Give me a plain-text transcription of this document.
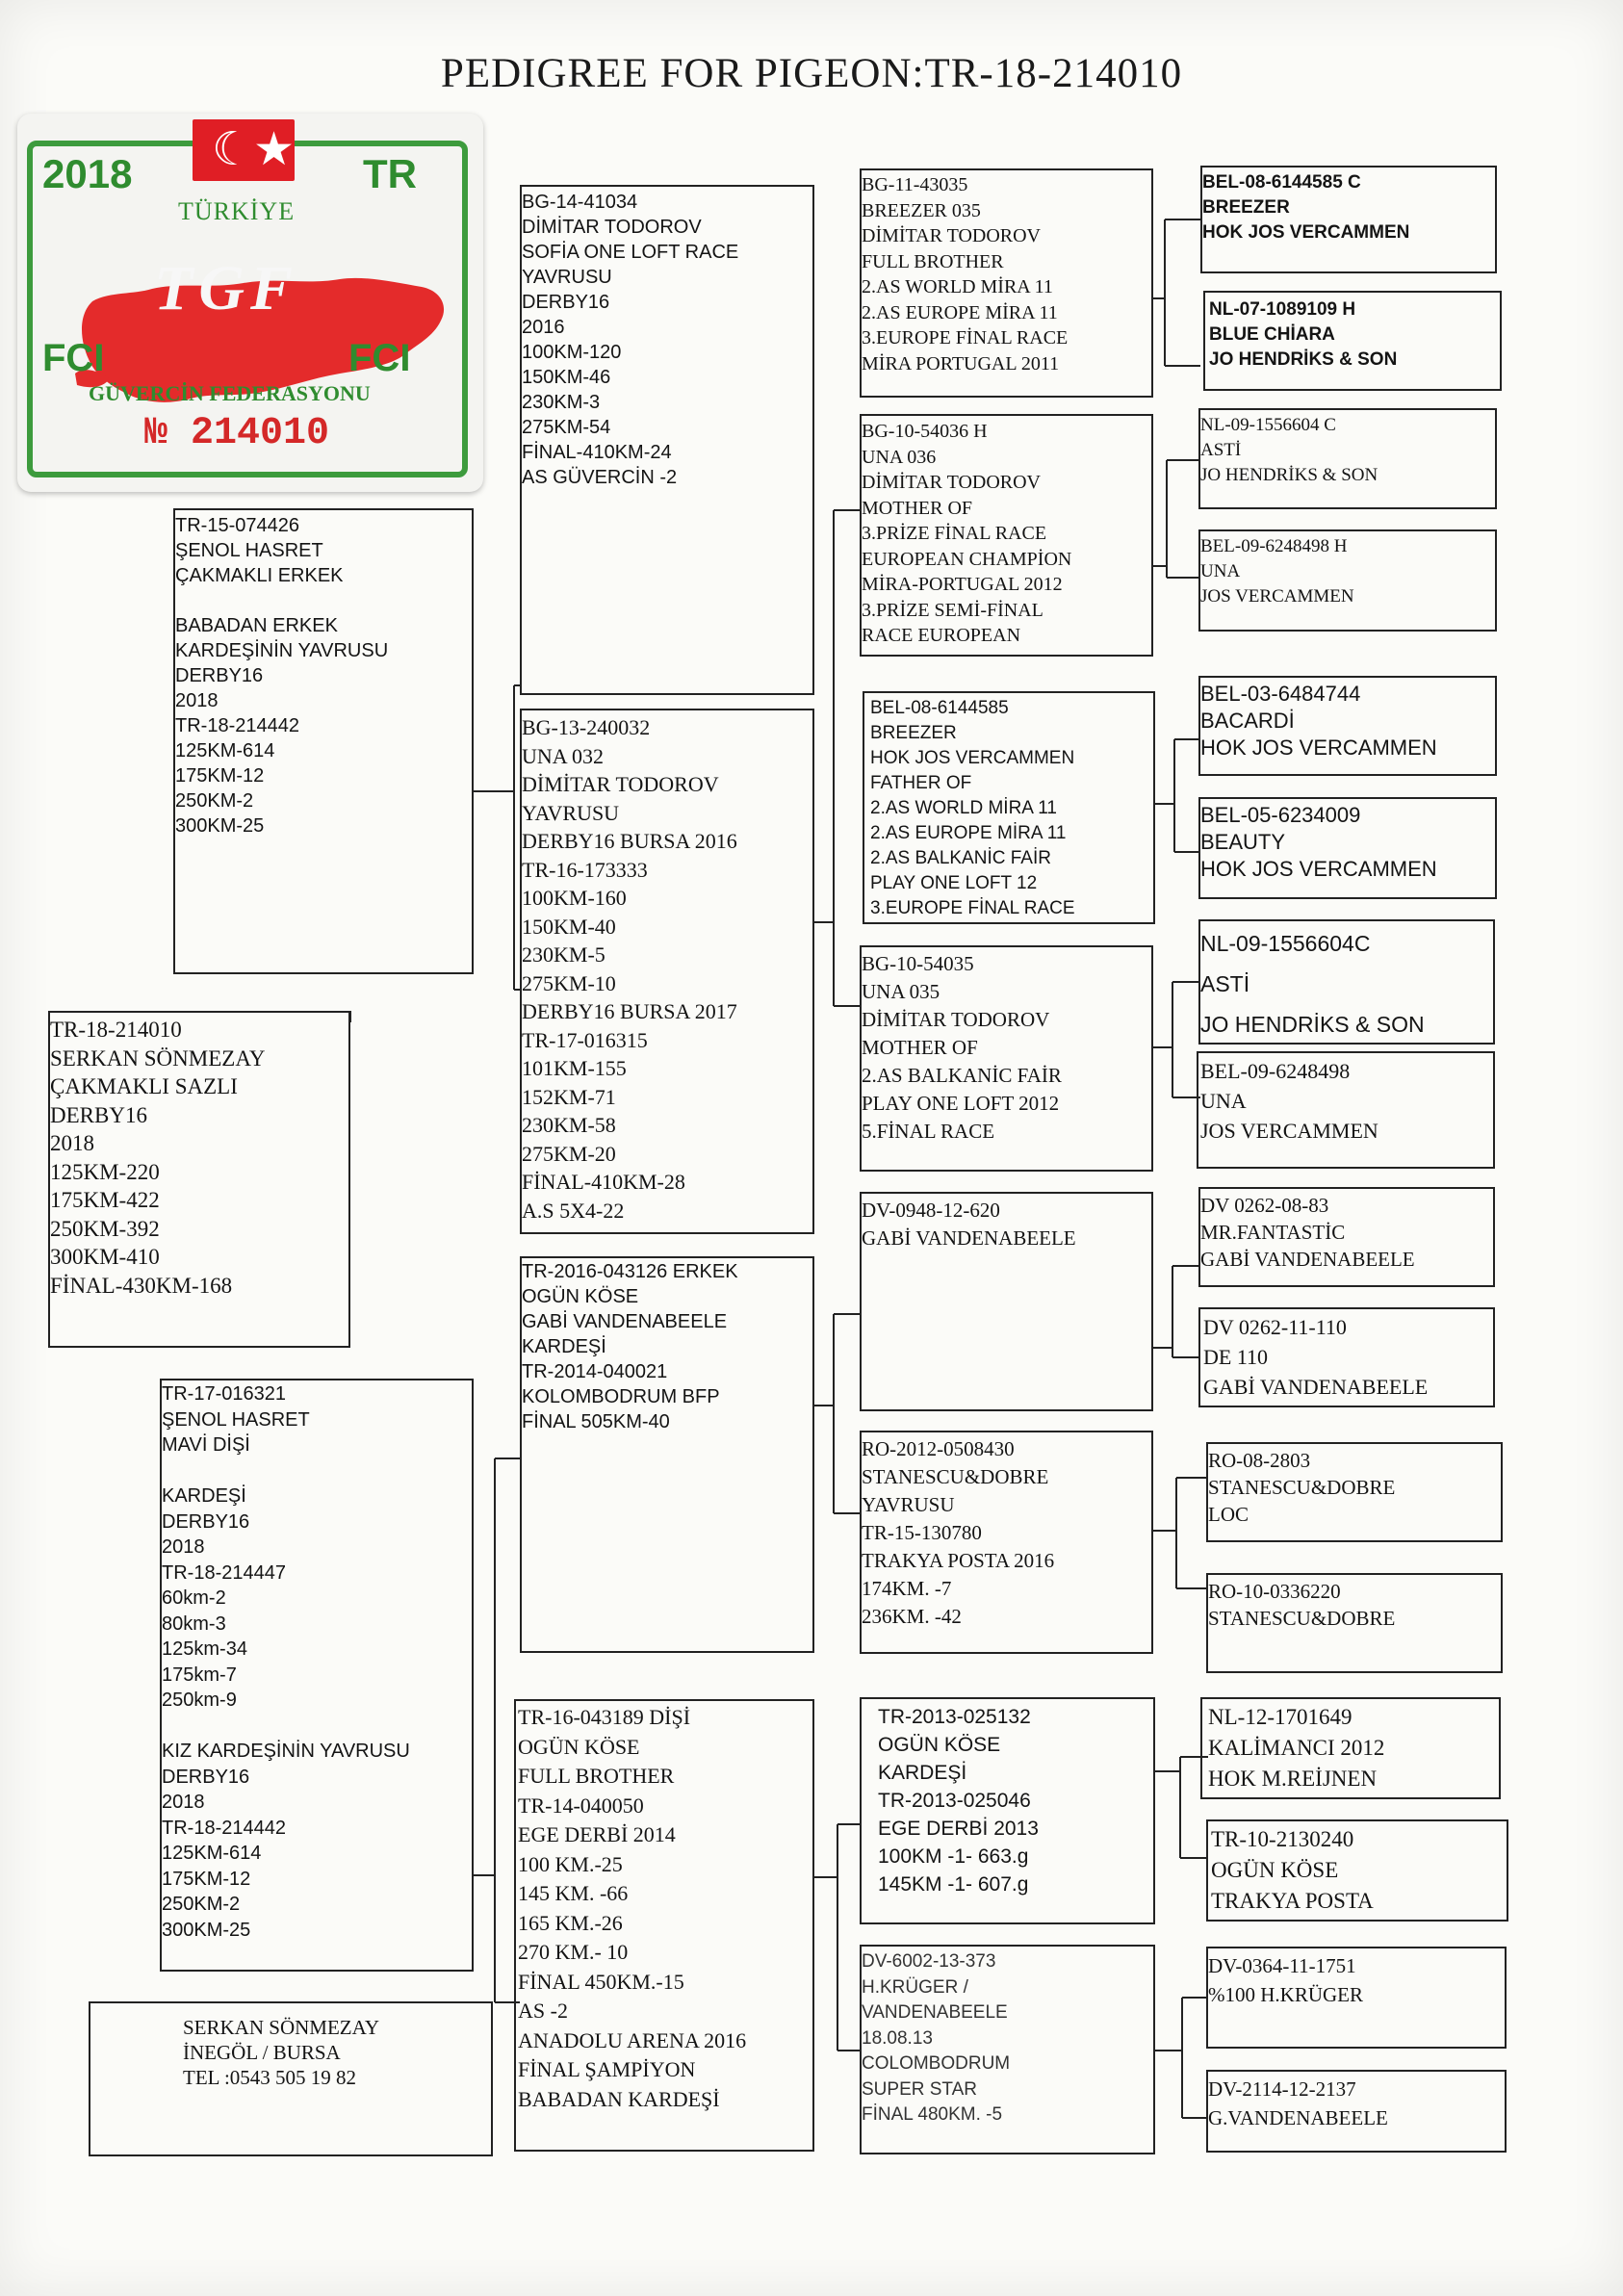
PEDIGREE FOR PIGEON:TR-18-214010
☾★
2018	TR
TÜRKİYE
TGF
FCI	FCI
GÜVERCİN FEDERASYONU
№ 214010
SERKAN SÖNMEZAY
İNEGÖL / BURSA
TEL :0543 505 19 82
TR-18-214010
SERKAN SÖNMEZAY
ÇAKMAKLI SAZLI
DERBY16
2018
125KM-220
175KM-422
250KM-392
300KM-410
FİNAL-430KM-168
TR-15-074426
ŞENOL HASRET
ÇAKMAKLI ERKEK

BABADAN ERKEK
KARDEŞİNİN YAVRUSU
DERBY16
2018
TR-18-214442
125KM-614
175KM-12
250KM-2
300KM-25
TR-17-016321
ŞENOL HASRET
MAVİ DİŞİ

KARDEŞİ
DERBY16
2018
TR-18-214447
60km-2
80km-3
125km-34
175km-7
250km-9

KIZ KARDEŞİNİN YAVRUSU
DERBY16
2018
TR-18-214442
125KM-614
175KM-12
250KM-2
300KM-25
BG-14-41034
DİMİTAR TODOROV
SOFİA ONE LOFT RACE
YAVRUSU
DERBY16
2016
100KM-120
150KM-46
230KM-3
275KM-54
FİNAL-410KM-24
AS GÜVERCİN -2
BG-13-240032
UNA 032
DİMİTAR TODOROV
YAVRUSU
DERBY16 BURSA 2016
TR-16-173333
100KM-160
150KM-40
230KM-5
275KM-10
DERBY16 BURSA 2017
TR-17-016315
101KM-155
152KM-71
230KM-58
275KM-20
FİNAL-410KM-28
A.S 5X4-22
TR-2016-043126 ERKEK
OGÜN KÖSE
GABİ VANDENABEELE
KARDEŞİ
TR-2014-040021
KOLOMBODRUM BFP
FİNAL 505KM-40
TR-16-043189 DİŞİ
OGÜN KÖSE
FULL BROTHER
TR-14-040050
EGE DERBİ 2014
100 KM.-25
145 KM. -66
165 KM.-26
270 KM.- 10
FİNAL 450KM.-15
AS -2
ANADOLU ARENA 2016
FİNAL ŞAMPİYON
BABADAN KARDEŞİ
BG-11-43035
BREEZER 035
DİMİTAR TODOROV
FULL BROTHER
2.AS WORLD MİRA 11
2.AS EUROPE MİRA 11
3.EUROPE FİNAL RACE
MİRA PORTUGAL 2011
BG-10-54036 H
UNA 036
DİMİTAR TODOROV
MOTHER OF
3.PRİZE FİNAL RACE
EUROPEAN CHAMPİON
MİRA-PORTUGAL 2012
3.PRİZE SEMİ-FİNAL
RACE EUROPEAN
BEL-08-6144585
BREEZER
HOK JOS VERCAMMEN
FATHER OF
2.AS WORLD MİRA 11
2.AS EUROPE MİRA 11
2.AS BALKANİC FAİR
PLAY ONE LOFT 12
3.EUROPE FİNAL RACE
BG-10-54035
UNA 035
DİMİTAR TODOROV
MOTHER OF
2.AS BALKANİC FAİR
PLAY ONE LOFT 2012
5.FİNAL RACE
DV-0948-12-620
GABİ VANDENABEELE
RO-2012-0508430
STANESCU&DOBRE
YAVRUSU
TR-15-130780
TRAKYA POSTA 2016
174KM. -7
236KM. -42
TR-2013-025132
OGÜN KÖSE
KARDEŞİ
TR-2013-025046
EGE DERBİ 2013
100KM -1- 663.g
145KM -1- 607.g
DV-6002-13-373
H.KRÜGER /
VANDENABEELE
18.08.13
COLOMBODRUM
SUPER STAR
FİNAL 480KM. -5
BEL-08-6144585 C
BREEZER
HOK JOS VERCAMMEN
NL-07-1089109 H
BLUE CHİARA
JO HENDRİKS & SON
NL-09-1556604 C
ASTİ
JO HENDRİKS & SON
BEL-09-6248498 H
UNA
JOS VERCAMMEN
BEL-03-6484744
BACARDİ
HOK JOS VERCAMMEN
BEL-05-6234009
BEAUTY
HOK JOS VERCAMMEN
NL-09-1556604C
ASTİ
JO HENDRİKS & SON
BEL-09-6248498
UNA
JOS VERCAMMEN
DV 0262-08-83
MR.FANTASTİC
GABİ VANDENABEELE
DV 0262-11-110
DE 110
GABİ VANDENABEELE
RO-08-2803
STANESCU&DOBRE
LOC
RO-10-0336220
STANESCU&DOBRE
NL-12-1701649
KALİMANCI 2012
HOK M.REİJNEN
TR-10-2130240
OGÜN KÖSE
TRAKYA POSTA
DV-0364-11-1751
%100 H.KRÜGER
DV-2114-12-2137
G.VANDENABEELE
